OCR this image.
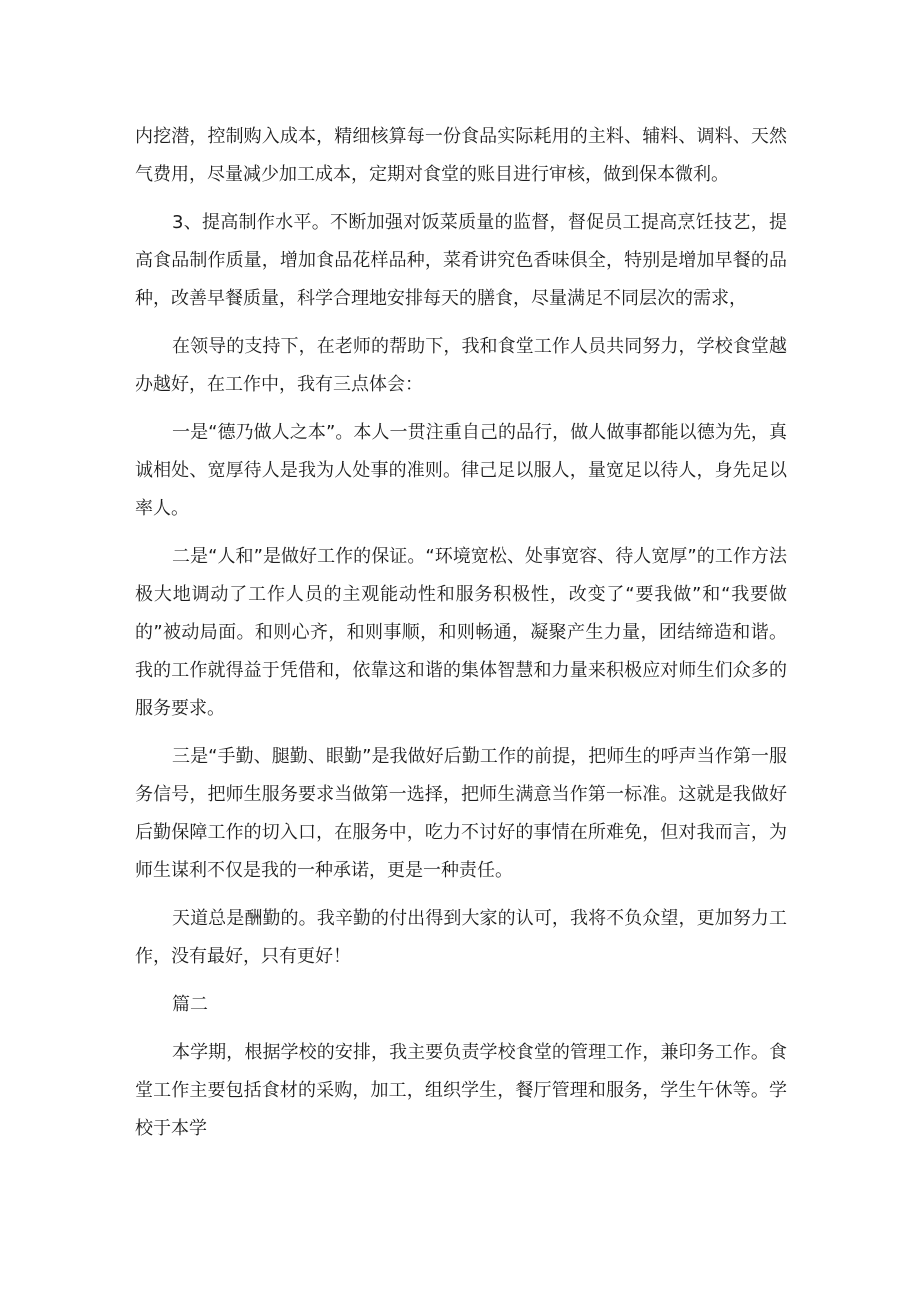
内挖潜，控制购入成本，精细核算每一份食品实际耗用的主料、辅料、调料、天然气费用，尽量减少加工成本，定期对食堂的账目进行审核，做到保本微利。

3、提高制作水平。不断加强对饭菜质量的监督，督促员工提高烹饪技艺，提高食品制作质量，增加食品花样品种，菜肴讲究色香味俱全，特别是增加早餐的品种，改善早餐质量，科学合理地安排每天的膳食，尽量满足不同层次的需求，

在领导的支持下，在老师的帮助下，我和食堂工作人员共同努力，学校食堂越办越好，在工作中，我有三点体会：

一是“德乃做人之本”。本人一贯注重自己的品行，做人做事都能以德为先，真诚相处、宽厚待人是我为人处事的准则。律己足以服人，量宽足以待人，身先足以率人。

二是“人和”是做好工作的保证。“环境宽松、处事宽容、待人宽厚”的工作方法极大地调动了工作人员的主观能动性和服务积极性，改变了“要我做”和“我要做的”被动局面。和则心齐，和则事顺，和则畅通，凝聚产生力量，团结缔造和谐。我的工作就得益于凭借和，依靠这和谐的集体智慧和力量来积极应对师生们众多的服务要求。

三是“手勤、腿勤、眼勤”是我做好后勤工作的前提，把师生的呼声当作第一服务信号，把师生服务要求当做第一选择，把师生满意当作第一标准。这就是我做好后勤保障工作的切入口，在服务中，吃力不讨好的事情在所难免，但对我而言，为师生谋利不仅是我的一种承诺，更是一种责任。

天道总是酬勤的。我辛勤的付出得到大家的认可，我将不负众望，更加努力工作，没有最好，只有更好！

篇二

本学期，根据学校的安排，我主要负责学校食堂的管理工作，兼印务工作。食堂工作主要包括食材的采购，加工，组织学生，餐厅管理和服务，学生午休等。学校于本学
